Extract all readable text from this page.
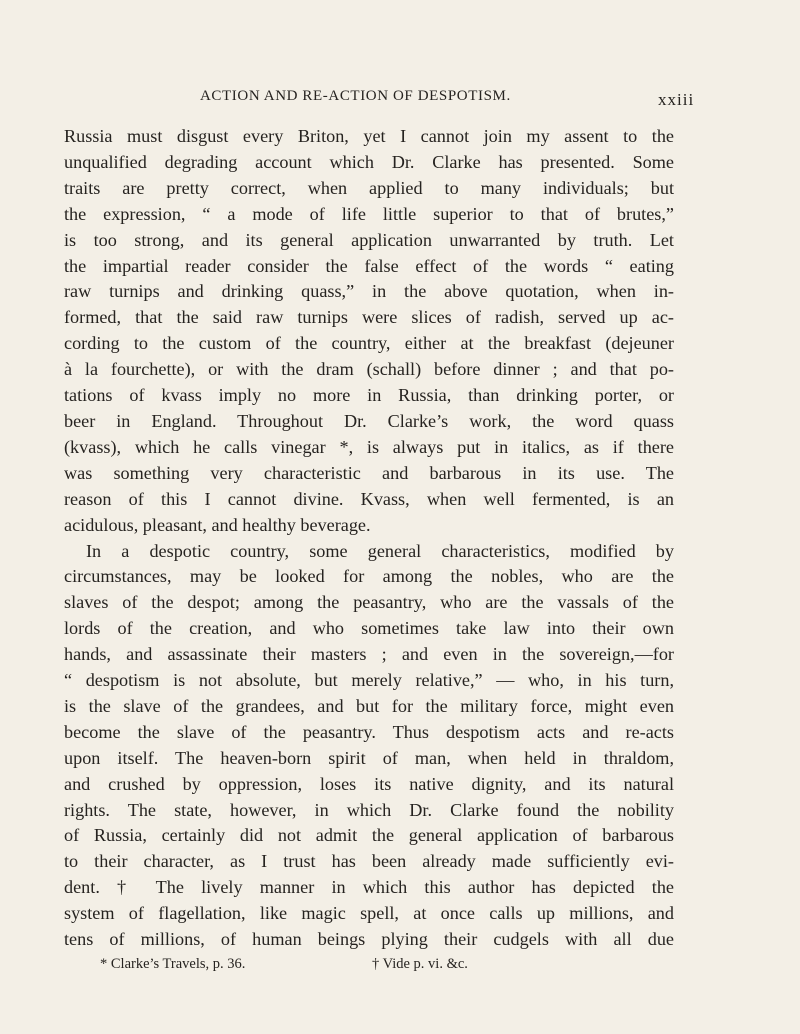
ACTION AND RE-ACTION OF DESPOTISM.	xxiii
Russia must disgust every Briton, yet I cannot join my assent to the
unqualified degrading account which Dr. Clarke has presented. Some
traits are pretty correct, when applied to many individuals; but
the expression, “ a mode of life little superior to that of brutes,”
is too strong, and its general application unwarranted by truth. Let
the impartial reader consider the false effect of the words “ eating
raw turnips and drinking quass,” in the above quotation, when in-
formed, that the said raw turnips were slices of radish, served up ac-
cording to the custom of the country, either at the breakfast (dejeuner
à la fourchette), or with the dram (schall) before dinner ; and that po-
tations of kvass imply no more in Russia, than drinking porter, or
beer in England. Throughout Dr. Clarke’s work, the word quass
(kvass), which he calls vinegar *, is always put in italics, as if there
was something very characteristic and barbarous in its use. The
reason of this I cannot divine. Kvass, when well fermented, is an
acidulous, pleasant, and healthy beverage.
In a despotic country, some general characteristics, modified by
circumstances, may be looked for among the nobles, who are the
slaves of the despot; among the peasantry, who are the vassals of the
lords of the creation, and who sometimes take law into their own
hands, and assassinate their masters ; and even in the sovereign,—for
“ despotism is not absolute, but merely relative,” — who, in his turn,
is the slave of the grandees, and but for the military force, might even
become the slave of the peasantry. Thus despotism acts and re-acts
upon itself. The heaven-born spirit of man, when held in thraldom,
and crushed by oppression, loses its native dignity, and its natural
rights. The state, however, in which Dr. Clarke found the nobility
of Russia, certainly did not admit the general application of barbarous
to their character, as I trust has been already made sufficiently evi-
dent. † The lively manner in which this author has depicted the
system of flagellation, like magic spell, at once calls up millions, and
tens of millions, of human beings plying their cudgels with all due
* Clarke’s Travels, p. 36.	† Vide p. vi. &c.
